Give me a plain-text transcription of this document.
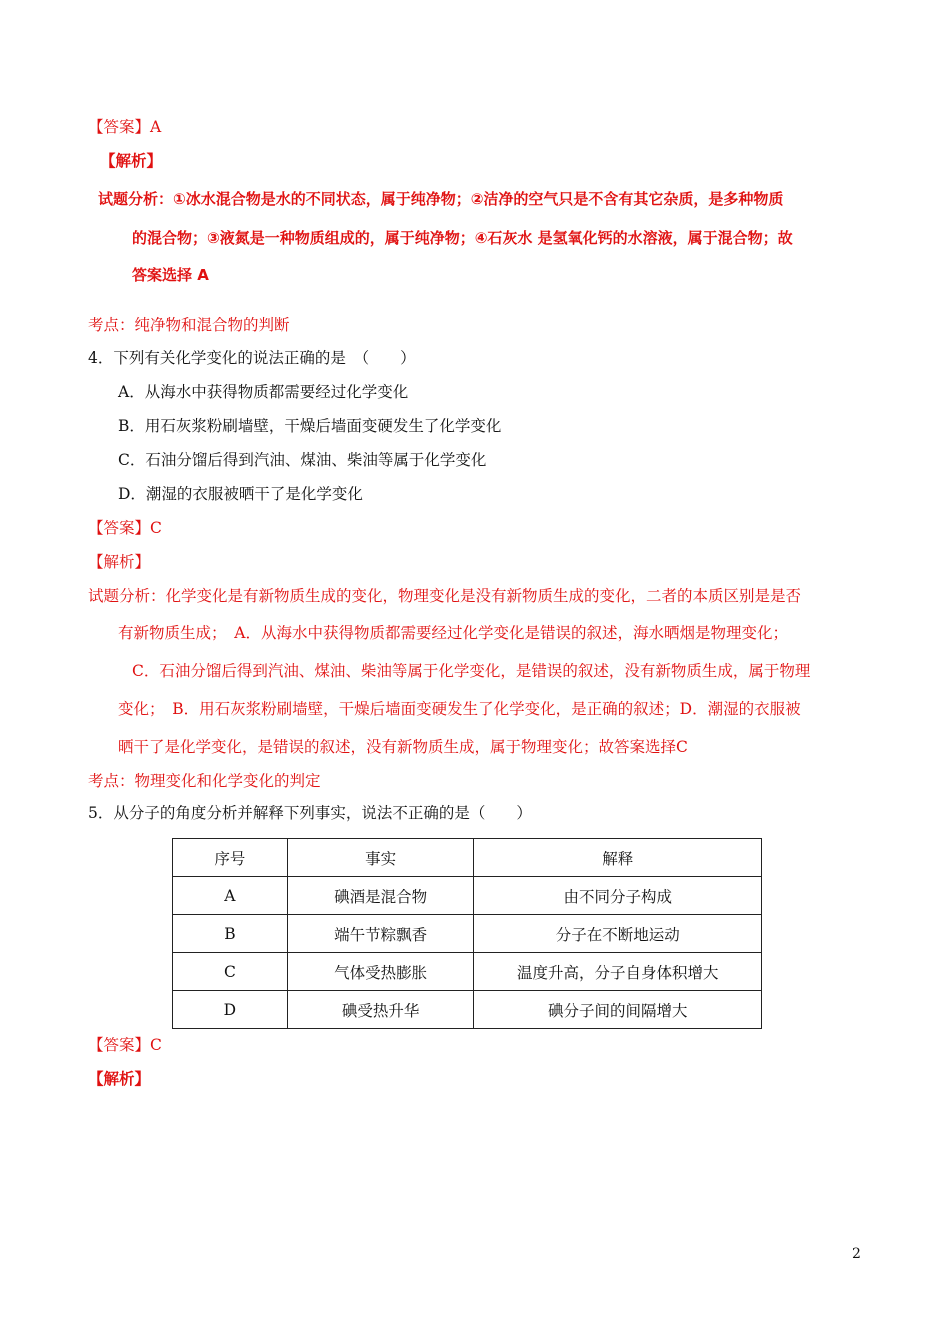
【答案】A
【解析】
试题分析：①冰水混合物是水的不同状态，属于纯净物；②洁净的空气只是不含有其它杂质，是多种物质
的混合物；③液氮是一种物质组成的，属于纯净物；④石灰水 是氢氧化钙的水溶液，属于混合物；故
答案选择 A
考点：纯净物和混合物的判断
4．下列有关化学变化的说法正确的是　（　　）
A．从海水中获得物质都需要经过化学变化
B．用石灰浆粉刷墙壁，干燥后墙面变硬发生了化学变化
C．石油分馏后得到汽油、煤油、柴油等属于化学变化
D．潮湿的衣服被晒干了是化学变化
【答案】C
【解析】
试题分析：化学变化是有新物质生成的变化，物理变化是没有新物质生成的变化，二者的本质区别是是否
有新物质生成；　A．从海水中获得物质都需要经过化学变化是错误的叙述，海水晒烟是物理变化；
C．石油分馏后得到汽油、煤油、柴油等属于化学变化，是错误的叙述，没有新物质生成，属于物理
变化；　B．用石灰浆粉刷墙壁，干燥后墙面变硬发生了化学变化，是正确的叙述；D．潮湿的衣服被
晒干了是化学变化，是错误的叙述，没有新物质生成，属于物理变化；故答案选择C
考点：物理变化和化学变化的判定
5．从分子的角度分析并解释下列事实，说法不正确的是（　　）
序号	事实	解释
A	碘酒是混合物	由不同分子构成
B	端午节粽飘香	分子在不断地运动
C	气体受热膨胀	温度升高，分子自身体积增大
D	碘受热升华	碘分子间的间隔增大
【答案】C
【解析】
2
